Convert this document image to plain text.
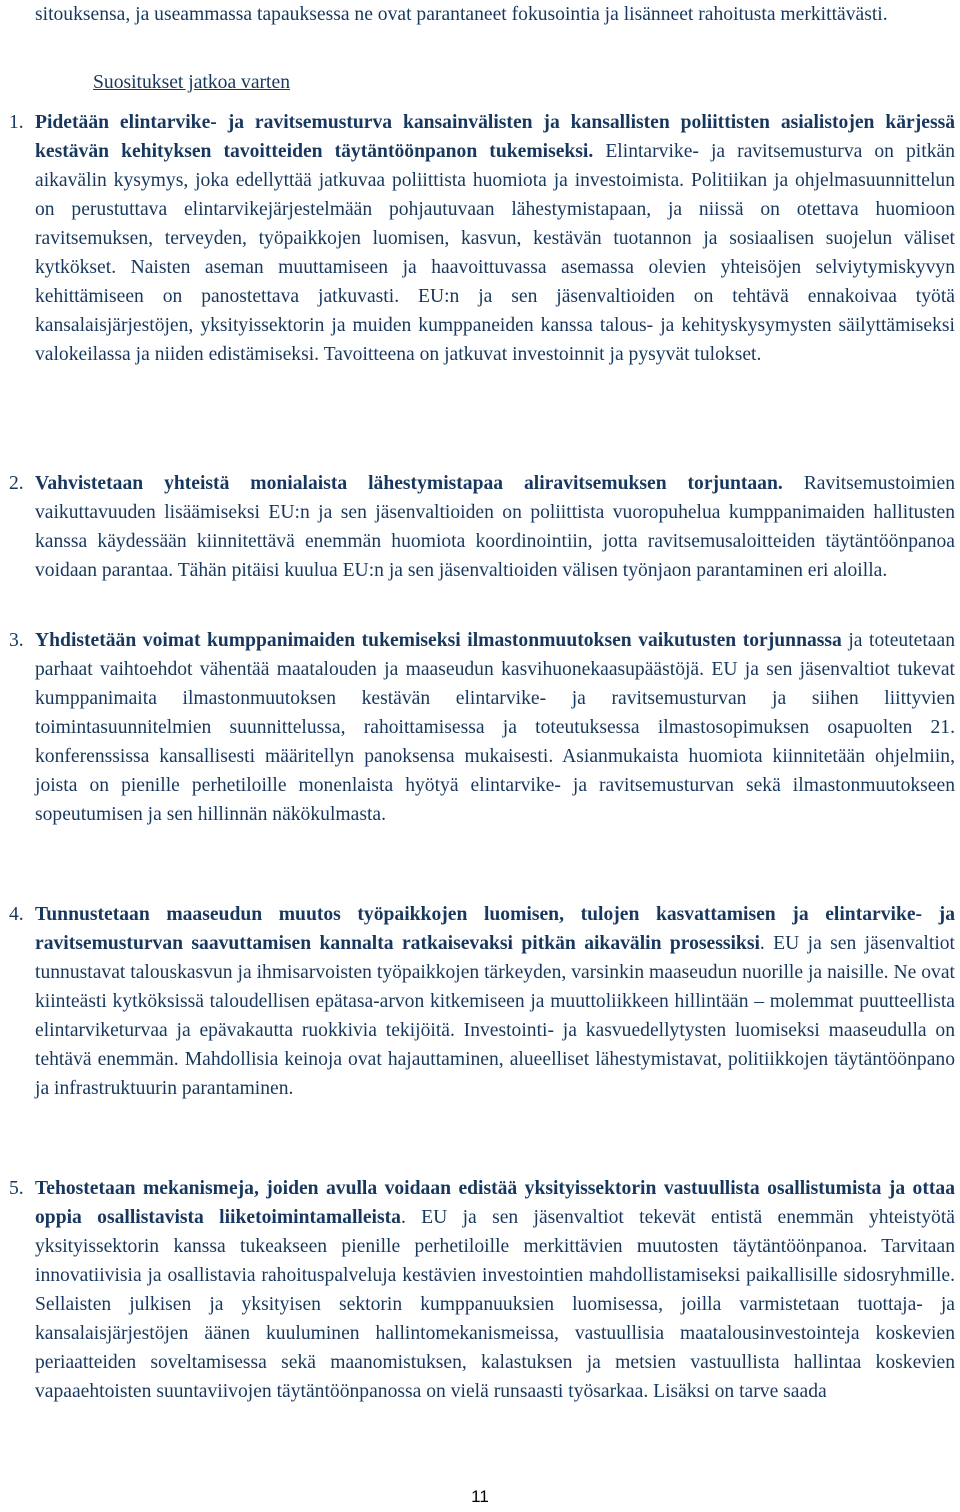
sitouksensa, ja useammassa tapauksessa ne ovat parantaneet fokusointia ja lisänneet rahoitusta merkittävästi.

Suositukset jatkoa varten

1. Pidetään elintarvike- ja ravitsemusturva kansainvälisten ja kansallisten poliittisten asialistojen kärjessä kestävän kehityksen tavoitteiden täytäntöönpanon tukemiseksi. Elintarvike- ja ravitsemusturva on pitkän aikavälin kysymys, joka edellyttää jatkuvaa poliittista huomiota ja investoimista. Politiikan ja ohjelmasuunnittelun on perustuttava elintarvikejärjestelmään pohjautuvaan lähestymistapaan, ja niissä on otettava huomioon ravitsemuksen, terveyden, työpaikkojen luomisen, kasvun, kestävän tuotannon ja sosiaalisen suojelun väliset kytkökset. Naisten aseman muuttamiseen ja haavoittuvassa asemassa olevien yhteisöjen selviytymiskyvyn kehittämiseen on panostettava jatkuvasti. EU:n ja sen jäsenvaltioiden on tehtävä ennakoivaa työtä kansalaisjärjestöjen, yksityissektorin ja muiden kumppaneiden kanssa talous- ja kehityskysymysten säilyttämiseksi valokeilassa ja niiden edistämiseksi. Tavoitteena on jatkuvat investoinnit ja pysyvät tulokset.

2. Vahvistetaan yhteistä monialaista lähestymistapaa aliravitsemuksen torjuntaan. Ravitsemustoimien vaikuttavuuden lisäämiseksi EU:n ja sen jäsenvaltioiden on poliittista vuoropuhelua kumppanimaiden hallitusten kanssa käydessään kiinnitettävä enemmän huomiota koordinointiin, jotta ravitsemusaloitteiden täytäntöönpanoa voidaan parantaa. Tähän pitäisi kuulua EU:n ja sen jäsenvaltioiden välisen työnjaon parantaminen eri aloilla.

3. Yhdistetään voimat kumppanimaiden tukemiseksi ilmastonmuutoksen vaikutusten torjunnassa ja toteutetaan parhaat vaihtoehdot vähentää maatalouden ja maaseudun kasvihuonekaasupäästöjä. EU ja sen jäsenvaltiot tukevat kumppanimaita ilmastonmuutoksen kestävän elintarvike- ja ravitsemusturvan ja siihen liittyvien toimintasuunnitelmien suunnittelussa, rahoittamisessa ja toteutuksessa ilmastosopimuksen osapuolten 21. konferenssissa kansallisesti määritellyn panoksensa mukaisesti. Asianmukaista huomiota kiinnitetään ohjelmiin, joista on pienille perhetiloille monenlaista hyötyä elintarvike- ja ravitsemusturvan sekä ilmastonmuutokseen sopeutumisen ja sen hillinnän näkökulmasta.

4. Tunnustetaan maaseudun muutos työpaikkojen luomisen, tulojen kasvattamisen ja elintarvike- ja ravitsemusturvan saavuttamisen kannalta ratkaisevaksi pitkän aikavälin prosessiksi. EU ja sen jäsenvaltiot tunnustavat talouskasvun ja ihmisarvoisten työpaikkojen tärkeyden, varsinkin maaseudun nuorille ja naisille. Ne ovat kiinteästi kytköksissä taloudellisen epätasa-arvon kitkemiseen ja muuttoliikkeen hillintään – molemmat puutteellista elintarviketurvaa ja epävakautta ruokkivia tekijöitä. Investointi- ja kasvuedellytysten luomiseksi maaseudulla on tehtävä enemmän. Mahdollisia keinoja ovat hajauttaminen, alueelliset lähestymistavat, politiikkojen täytäntöönpano ja infrastruktuurin parantaminen.

5. Tehostetaan mekanismeja, joiden avulla voidaan edistää yksityissektorin vastuullista osallistumista ja ottaa oppia osallistavista liiketoimintamalleista. EU ja sen jäsenvaltiot tekevät entistä enemmän yhteistyötä yksityissektorin kanssa tukeakseen pienille perhetiloille merkittävien muutosten täytäntöönpanoa. Tarvitaan innovatiivisia ja osallistavia rahoituspalveluja kestävien investointien mahdollistamiseksi paikallisille sidosryhmille. Sellaisten julkisen ja yksityisen sektorin kumppanuuksien luomisessa, joilla varmistetaan tuottaja- ja kansalaisjärjestöjen äänen kuuluminen hallintomekanismeissa, vastuullisia maatalousinvestointeja koskevien periaatteiden soveltamisessa sekä maanomistuksen, kalastuksen ja metsien vastuullista hallintaa koskevien vapaaehtoisten suuntaviivojen täytäntöönpanossa on vielä runsaasti työsarkaa. Lisäksi on tarve saada

11
